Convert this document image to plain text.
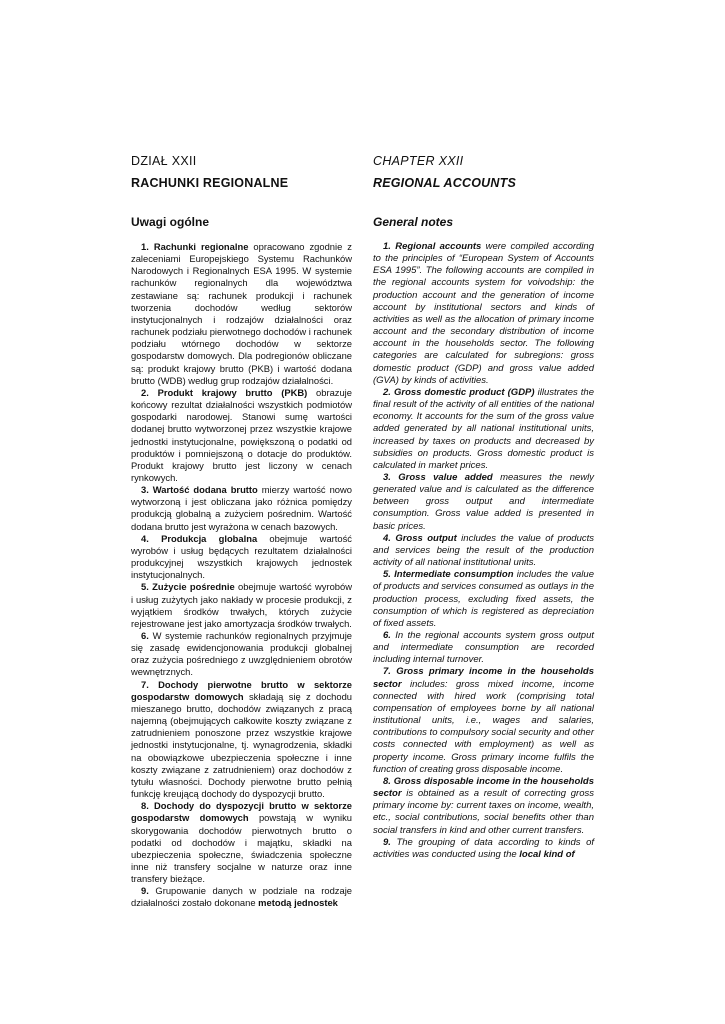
DZIAŁ XXII
RACHUNKI REGIONALNE
Uwagi ogólne

1. Rachunki regionalne opracowano zgodnie z zaleceniami Europejskiego Systemu Rachunków Narodowych i Regionalnych ESA 1995. W systemie rachunków regionalnych dla województwa zestawiane są: rachunek produkcji i rachunek tworzenia dochodów według sektorów instytucjonalnych i rodzajów działalności oraz rachunek podziału pierwotnego dochodów i rachunek podziału wtórnego dochodów w sektorze gospodarstw domowych. Dla podregionów obliczane są: produkt krajowy brutto (PKB) i wartość dodana brutto (WDB) według grup rodzajów działalności.

2. Produkt krajowy brutto (PKB) obrazuje końcowy rezultat działalności wszystkich podmiotów gospodarki narodowej. Stanowi sumę wartości dodanej brutto wytworzonej przez wszystkie krajowe jednostki instytucjonalne, powiększoną o podatki od produktów i pomniejszoną o dotacje do produktów. Produkt krajowy brutto jest liczony w cenach rynkowych.

3. Wartość dodana brutto mierzy wartość nowo wytworzoną i jest obliczana jako różnica pomiędzy produkcją globalną a zużyciem pośrednim. Wartość dodana brutto jest wyrażona w cenach bazowych.

4. Produkcja globalna obejmuje wartość wyrobów i usług będących rezultatem działalności produkcyjnej wszystkich krajowych jednostek instytucjonalnych.

5. Zużycie pośrednie obejmuje wartość wyrobów i usług zużytych jako nakłady w procesie produkcji, z wyjątkiem środków trwałych, których zużycie rejestrowane jest jako amortyzacja środków trwałych.

6. W systemie rachunków regionalnych przyjmuje się zasadę ewidencjonowania produkcji globalnej oraz zużycia pośredniego z uwzględnieniem obrotów wewnętrznych.

7. Dochody pierwotne brutto w sektorze gospodarstw domowych składają się z dochodu mieszanego brutto, dochodów związanych z pracą najemną (obejmujących całkowite koszty związane z zatrudnieniem ponoszone przez wszystkie krajowe jednostki instytucjonalne, tj. wynagrodzenia, składki na obowiązkowe ubezpieczenia społeczne i inne koszty związane z zatrudnieniem) oraz dochodów z tytułu własności. Dochody pierwotne brutto pełnią funkcję kreującą dochody do dyspozycji brutto.

8. Dochody do dyspozycji brutto w sektorze gospodarstw domowych powstają w wyniku skorygowania dochodów pierwotnych brutto o podatki od dochodów i majątku, składki na ubezpieczenia społeczne, świadczenia społeczne inne niż transfery socjalne w naturze oraz inne transfery bieżące.

9. Grupowanie danych w podziale na rodzaje działalności zostało dokonane metodą jednostek

CHAPTER XXII
REGIONAL ACCOUNTS
General notes

1. Regional accounts were compiled according to the principles of “European System of Accounts ESA 1995”. The following accounts are compiled in the regional accounts system for voivodship: the production account and the generation of income account by institutional sectors and kinds of activities as well as the allocation of primary income account and the secondary distribution of income account in the households sector. The following categories are calculated for subregions: gross domestic product (GDP) and gross value added (GVA) by kinds of activities.

2. Gross domestic product (GDP) illustrates the final result of the activity of all entities of the national economy. It accounts for the sum of the gross value added generated by all national institutional units, increased by taxes on products and decreased by subsidies on products. Gross domestic product is calculated in market prices.

3. Gross value added measures the newly generated value and is calculated as the difference between gross output and intermediate consumption. Gross value added is presented in basic prices.

4. Gross output includes the value of products and services being the result of the production activity of all national institutional units.

5. Intermediate consumption includes the value of products and services consumed as outlays in the production process, excluding fixed assets, the consumption of which is registered as depreciation of fixed assets.

6. In the regional accounts system gross output and intermediate consumption are recorded including internal turnover.

7. Gross primary income in the households sector includes: gross mixed income, income connected with hired work (comprising total compensation of employees borne by all national institutional units, i.e., wages and salaries, contributions to compulsory social security and other costs connected with employment) as well as property income. Gross primary income fulfils the function of creating gross disposable income.

8. Gross disposable income in the households sector is obtained as a result of correcting gross primary income by: current taxes on income, wealth, etc., social contributions, social benefits other than social transfers in kind and other current transfers.

9. The grouping of data according to kinds of activities was conducted using the local kind of
